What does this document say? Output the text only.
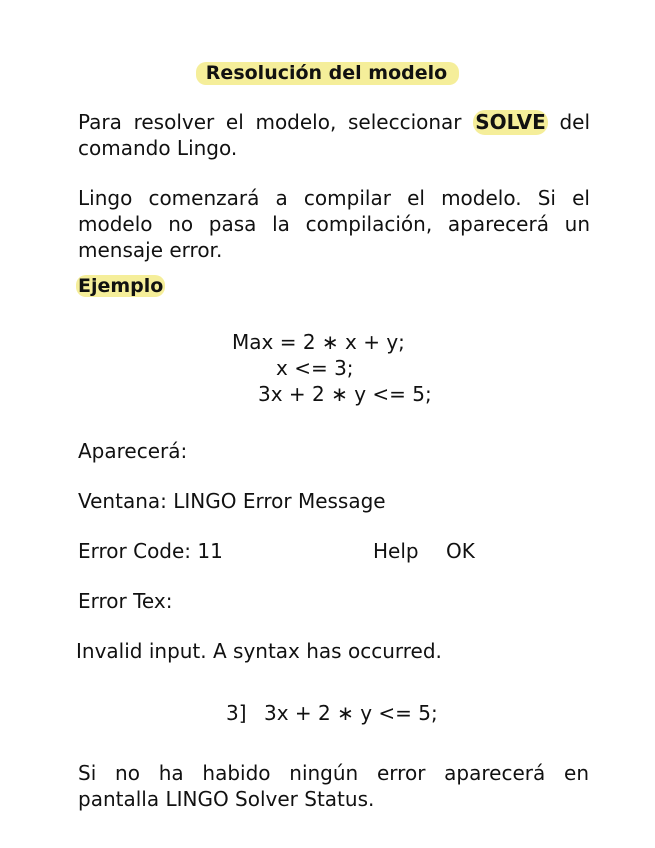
Resolución del modelo
Para resolver el modelo, seleccionar SOLVE del comando Lingo.
Lingo comenzará a compilar el modelo. Si el modelo no pasa la compilación, aparecerá un mensaje error.
Ejemplo
Max = 2 ∗ x + y;
x <= 3;
3x + 2 ∗ y <= 5;
Aparecerá:
Ventana: LINGO Error Message
Error Code: 11	Help OK
Error Tex:
Invalid input. A syntax has occurred.
3] 3x + 2 ∗ y <= 5;
Si no ha habido ningún error aparecerá en pantalla LINGO Solver Status.
